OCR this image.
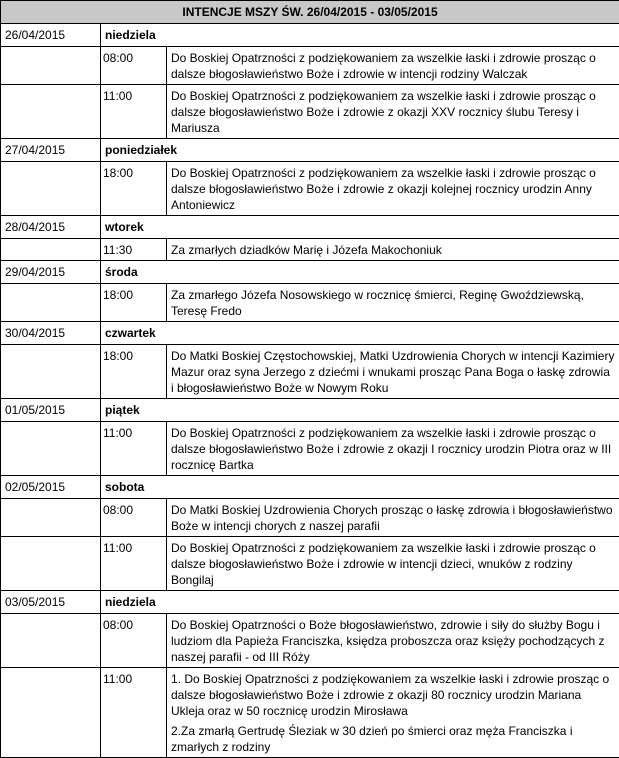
INTENCJE MSZY ŚW. 26/04/2015 - 03/05/2015		
26/04/2015	niedziela	
	08:00	Do Boskiej Opatrzności z podziękowaniem za wszelkie łaski i zdrowie prosząc o dalsze błogosławieństwo Boże i zdrowie w intencji rodziny Walczak

	11:00	Do Boskiej Opatrzności z podziękowaniem za wszelkie łaski i zdrowie prosząc o dalsze błogosławieństwo Boże i zdrowie z okazji XXV rocznicy ślubu Teresy i Mariusza

27/04/2015	poniedziałek	
	18:00	Do Boskiej Opatrzności z podziękowaniem za wszelkie łaski i zdrowie prosząc o dalsze błogosławieństwo Boże i zdrowie z okazji kolejnej rocznicy urodzin Anny Antoniewicz

28/04/2015	wtorek	
	11:30	Za zmarłych dziadków Marię i Józefa Makochoniuk

29/04/2015	środa	
	18:00	Za zmarłego Józefa Nosowskiego w rocznicę śmierci, Reginę Gwoździewską, Teresę Fredo

30/04/2015	czwartek	
	18:00	Do Matki Boskiej Częstochowskiej, Matki Uzdrowienia Chorych w intencji Kazimiery Mazur oraz syna Jerzego z dziećmi i wnukami prosząc Pana Boga o łaskę zdrowia i błogosławieństwo Boże w Nowym Roku

01/05/2015	piątek	
	11:00	Do Boskiej Opatrzności z podziękowaniem za wszelkie łaski i zdrowie prosząc o dalsze błogosławieństwo Boże i zdrowie z okazji I rocznicy urodzin Piotra oraz w III rocznicę Bartka

02/05/2015	sobota	
	08:00	Do Matki Boskiej Uzdrowienia Chorych prosząc o łaskę zdrowia i błogosławieństwo Boże w intencji chorych z naszej parafii

	11:00	Do Boskiej Opatrzności z podziękowaniem za wszelkie łaski i zdrowie prosząc o dalsze błogosławieństwo Boże i zdrowie w intencji dzieci, wnuków z rodziny Bongilaj

03/05/2015	niedziela	
	08:00	Do Boskiej Opatrzności o Boże błogosławieństwo, zdrowie i siły do służby Bogu i ludziom dla Papieża Franciszka, księdza proboszcza oraz księży pochodzących z naszej parafii - od III Róży

	11:00	1. Do Boskiej Opatrzności z podziękowaniem za wszelkie łaski i zdrowie prosząc o dalsze błogosławieństwo Boże i zdrowie z okazji 80 rocznicy urodzin Mariana Ukleja oraz w 50 rocznicę urodzin Mirosława

2.Za zmarłą Gertrudę Śleziak w 30 dzień po śmierci oraz męża Franciszka i zmarłych z rodziny
